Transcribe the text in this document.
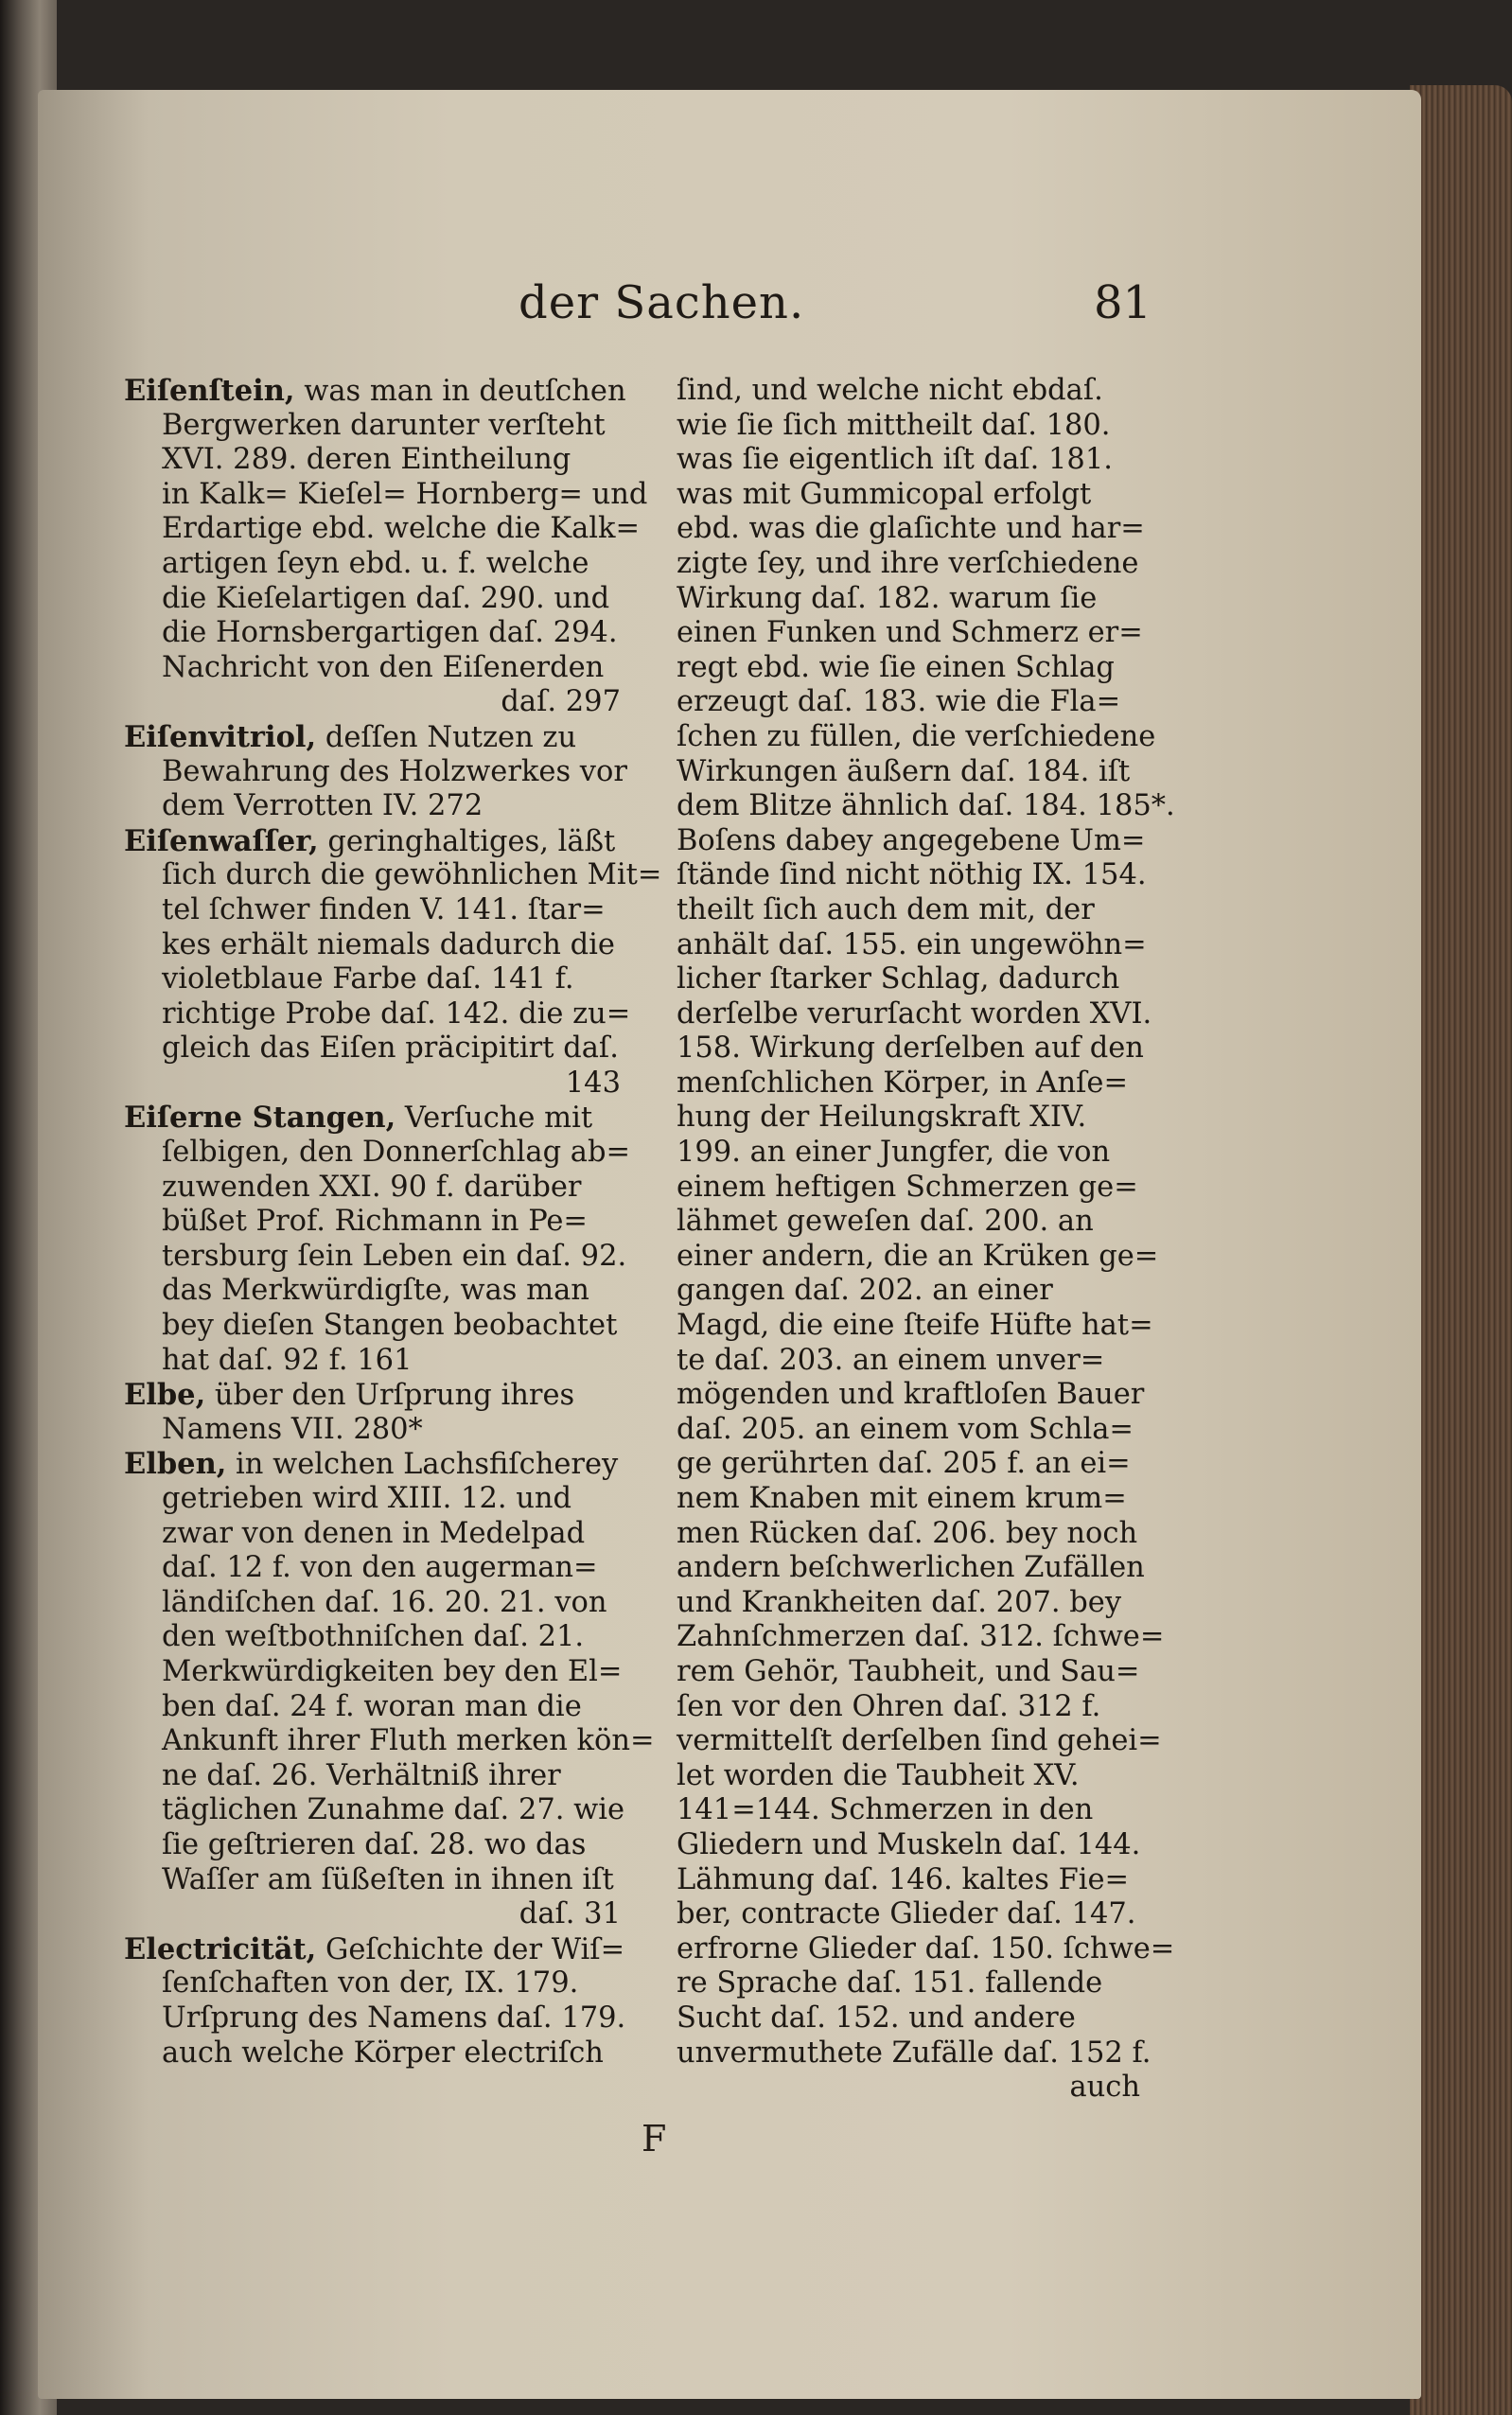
der Sachen.	81
Eiſenſtein, was man in deutſchen
Bergwerken darunter verſteht
XVI. 289. deren Eintheilung
in Kalk= Kieſel= Hornberg= und
Erdartige ebd. welche die Kalk=
artigen ſeyn ebd. u. f. welche
die Kieſelartigen daſ. 290. und
die Hornsbergartigen daſ. 294.
Nachricht von den Eiſenerden
daſ. 297
Eiſenvitriol, deſſen Nutzen zu
Bewahrung des Holzwerkes vor
dem Verrotten IV. 272
Eiſenwaſſer, geringhaltiges, läßt
ſich durch die gewöhnlichen Mit=
tel ſchwer finden V. 141. ſtar=
kes erhält niemals dadurch die
violetblaue Farbe daſ. 141 f.
richtige Probe daſ. 142. die zu=
gleich das Eiſen präcipitirt daſ.
143
Eiſerne Stangen, Verſuche mit
ſelbigen, den Donnerſchlag ab=
zuwenden XXI. 90 f. darüber
büßet Prof. Richmann in Pe=
tersburg ſein Leben ein daſ. 92.
das Merkwürdigſte, was man
bey dieſen Stangen beobachtet
hat daſ. 92 f. 161
Elbe, über den Urſprung ihres
Namens VII. 280*
Elben, in welchen Lachsfiſcherey
getrieben wird XIII. 12. und
zwar von denen in Medelpad
daſ. 12 f. von den augerman=
ländiſchen daſ. 16. 20. 21. von
den weſtbothniſchen daſ. 21.
Merkwürdigkeiten bey den El=
ben daſ. 24 f. woran man die
Ankunft ihrer Fluth merken kön=
ne daſ. 26. Verhältniß ihrer
täglichen Zunahme daſ. 27. wie
ſie geſtrieren daſ. 28. wo das
Waſſer am ſüßeſten in ihnen iſt
daſ. 31
Electricität, Geſchichte der Wiſ=
ſenſchaften von der, IX. 179.
Urſprung des Namens daſ. 179.
auch welche Körper electriſch
ſind, und welche nicht ebdaſ.
wie ſie ſich mittheilt daſ. 180.
was ſie eigentlich iſt daſ. 181.
was mit Gummicopal erfolgt
ebd. was die glaſichte und har=
zigte ſey, und ihre verſchiedene
Wirkung daſ. 182. warum ſie
einen Funken und Schmerz er=
regt ebd. wie ſie einen Schlag
erzeugt daſ. 183. wie die Fla=
ſchen zu füllen, die verſchiedene
Wirkungen äußern daſ. 184. iſt
dem Blitze ähnlich daſ. 184. 185*.
Boſens dabey angegebene Um=
ſtände ſind nicht nöthig IX. 154.
theilt ſich auch dem mit, der
anhält daſ. 155. ein ungewöhn=
licher ſtarker Schlag, dadurch
derſelbe verurſacht worden XVI.
158. Wirkung derſelben auf den
menſchlichen Körper, in Anſe=
hung der Heilungskraft XIV.
199. an einer Jungfer, die von
einem heftigen Schmerzen ge=
lähmet geweſen daſ. 200. an
einer andern, die an Krüken ge=
gangen daſ. 202. an einer
Magd, die eine ſteife Hüfte hat=
te daſ. 203. an einem unver=
mögenden und kraftloſen Bauer
daſ. 205. an einem vom Schla=
ge gerührten daſ. 205 f. an ei=
nem Knaben mit einem krum=
men Rücken daſ. 206. bey noch
andern beſchwerlichen Zufällen
und Krankheiten daſ. 207. bey
Zahnſchmerzen daſ. 312. ſchwe=
rem Gehör, Taubheit, und Sau=
ſen vor den Ohren daſ. 312 f.
vermittelſt derſelben ſind gehei=
let worden die Taubheit XV.
141=144. Schmerzen in den
Gliedern und Muskeln daſ. 144.
Lähmung daſ. 146. kaltes Fie=
ber, contracte Glieder daſ. 147.
erfrorne Glieder daſ. 150. ſchwe=
re Sprache daſ. 151. fallende
Sucht daſ. 152. und andere
unvermuthete Zufälle daſ. 152 f.
auch
F
